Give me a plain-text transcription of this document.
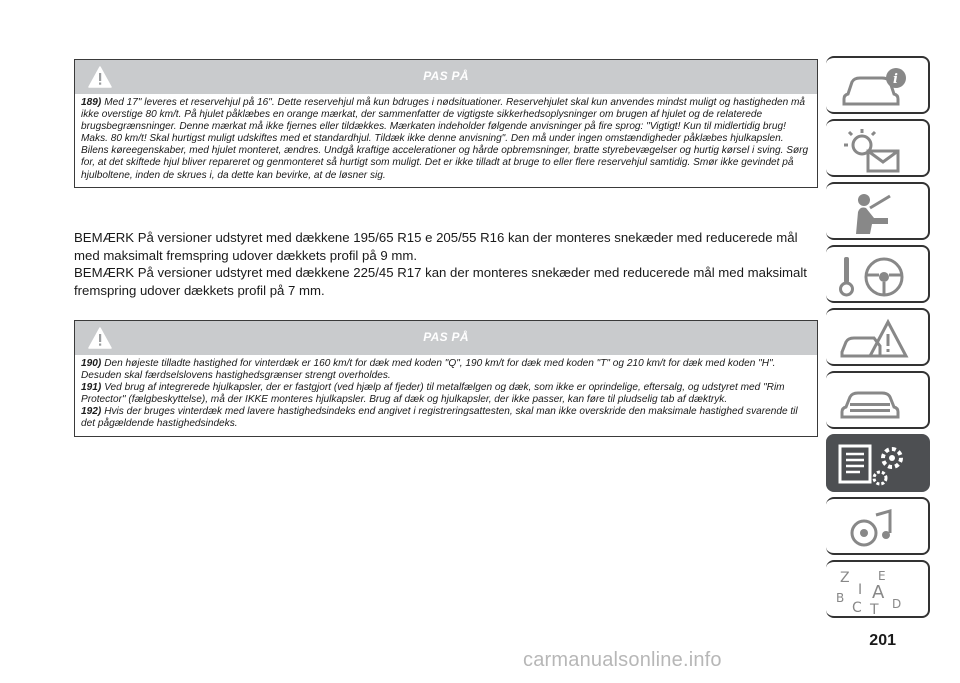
PAS PÅ

189) Med 17" leveres et reservehjul på 16". Dette reservehjul må kun bdruges i nødsituationer. Reservehjulet skal kun anvendes mindst muligt og hastigheden må ikke overstige 80 km/t. På hjulet påklæbes en orange mærkat, der sammenfatter de vigtigste sikkerhedsoplysninger om brugen af hjulet og de relaterede brugsbegrænsninger. Denne mærkat må ikke fjernes eller tildækkes. Mærkaten indeholder følgende anvisninger på fire sprog: "Vigtigt! Kun til midlertidig brug! Maks. 80 km/t! Skal hurtigst muligt udskiftes med et standardhjul. Tildæk ikke denne anvisning". Den må under ingen omstændigheder påklæbes hjulkapslen. Bilens køreegenskaber, med hjulet monteret, ændres. Undgå kraftige accelerationer og hårde opbremsninger, bratte styrebevægelser og hurtig kørsel i sving. Sørg for, at det skiftede hjul bliver repareret og genmonteret så hurtigt som muligt. Det er ikke tilladt at bruge to eller flere reservehjul samtidig. Smør ikke gevindet på hjulboltene, inden de skrues i, da dette kan bevirke, at de løsner sig.

BEMÆRK På versioner udstyret med dækkene 195/65 R15 e 205/55 R16 kan der monteres snekæder med reducerede mål med maksimalt fremspring udover dækkets profil på 9 mm.

BEMÆRK På versioner udstyret med dækkene 225/45 R17 kan der monteres snekæder med reducerede mål med maksimalt fremspring udover dækkets profil på 7 mm.

PAS PÅ

190) Den højeste tilladte hastighed for vinterdæk er 160 km/t for dæk med koden "Q", 190 km/t for dæk med koden "T" og 210 km/t for dæk med koden "H". Desuden skal færdselslovens hastighedsgrænser strengt overholdes.

191) Ved brug af integrerede hjulkapsler, der er fastgjort (ved hjælp af fjeder) til metalfælgen og dæk, som ikke er oprindelige, eftersalg, og udstyret med "Rim Protector" (fælgbeskyttelse), må der IKKE monteres hjulkapsler. Brug af dæk og hjulkapsler, der ikke passer, kan føre til pludselig tab af dæktryk.

192) Hvis der bruges vinterdæk med lavere hastighedsindeks end angivet i registreringsattesten, skal man ikke overskride den maksimale hastighed svarende til det pågældende hastighedsindeks.

i
Z E
I A
B
C	D
T
201
carmanualsonline.info
